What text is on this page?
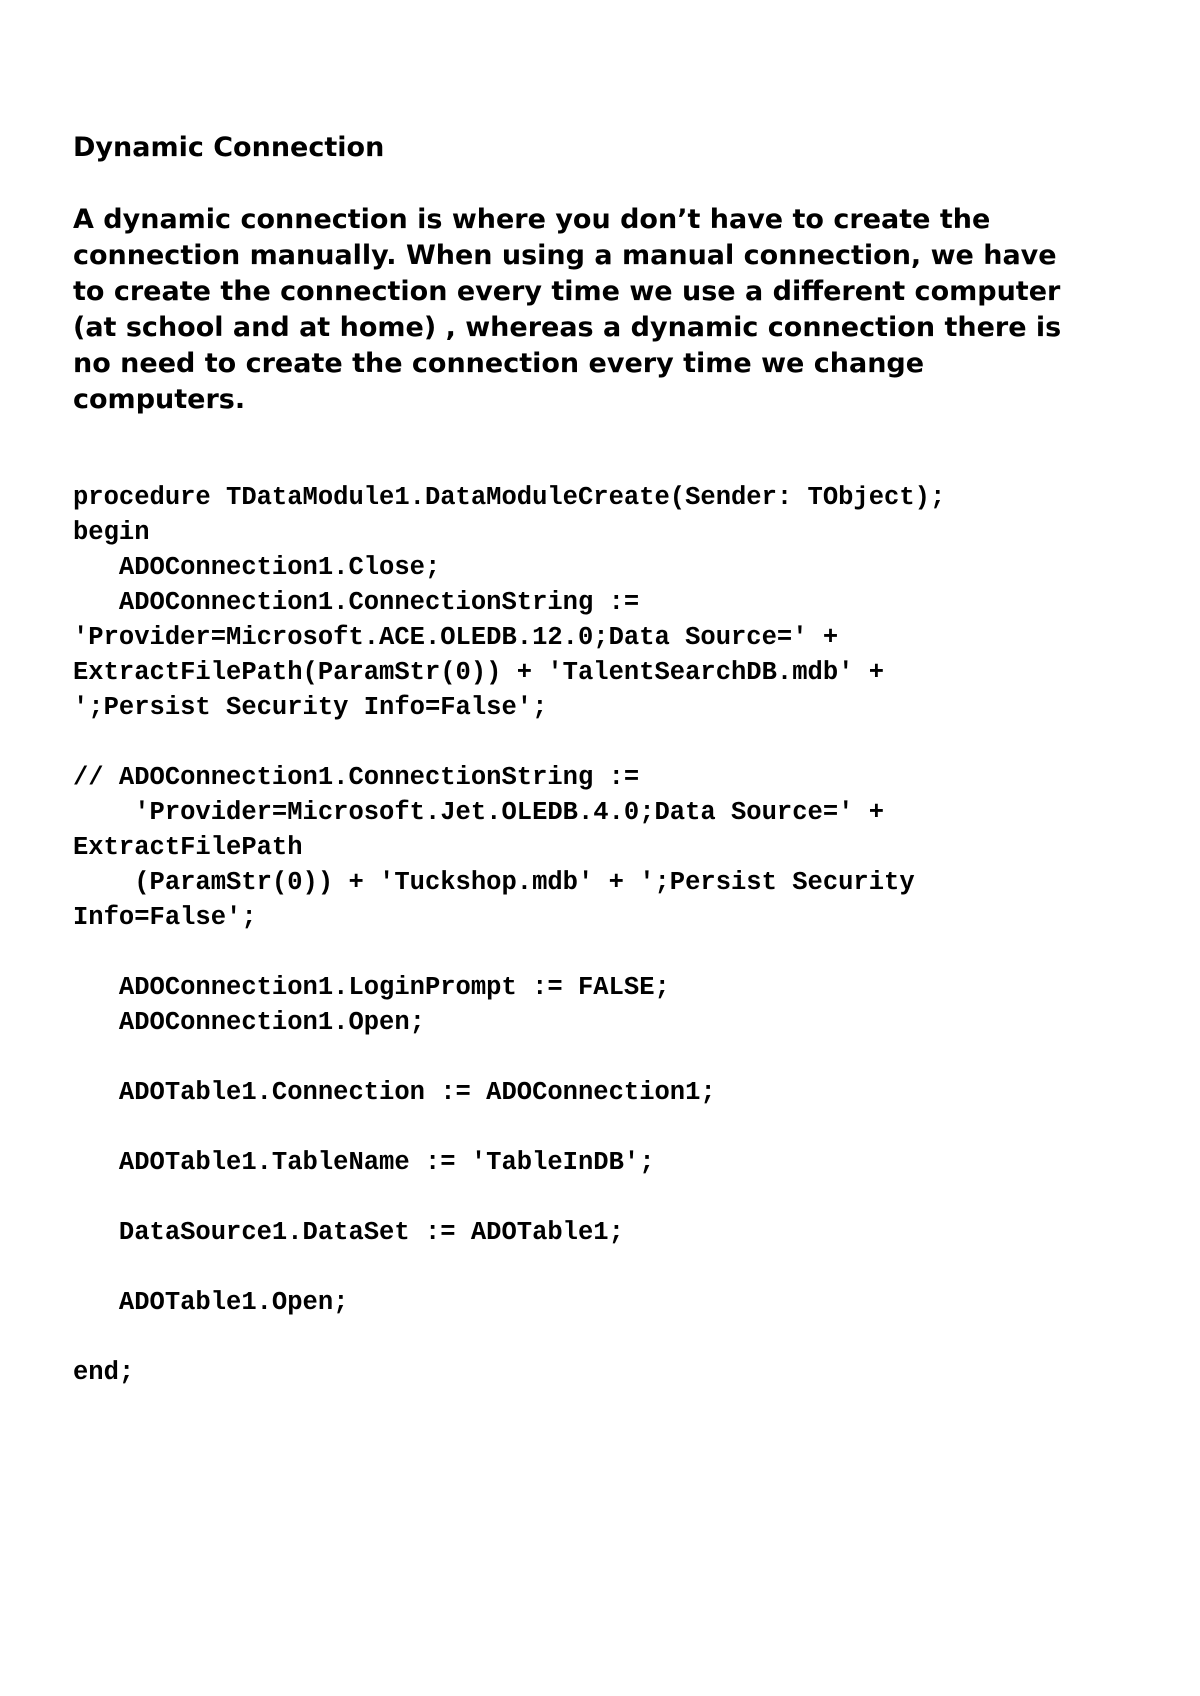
Dynamic Connection
A dynamic connection is where you don’t have to create the
connection manually. When using a manual connection, we have
to create the connection every time we use a different computer
(at school and at home) , whereas a dynamic connection there is
no need to create the connection every time we change
computers.
procedure TDataModule1.DataModuleCreate(Sender: TObject);
begin
ADOConnection1.Close;
ADOConnection1.ConnectionString :=
'Provider=Microsoft.ACE.OLEDB.12.0;Data Source=' +
ExtractFilePath(ParamStr(0)) + 'TalentSearchDB.mdb' +
';Persist Security Info=False';
// ADOConnection1.ConnectionString :=
'Provider=Microsoft.Jet.OLEDB.4.0;Data Source=' +
ExtractFilePath
(ParamStr(0)) + 'Tuckshop.mdb' + ';Persist Security
Info=False';
ADOConnection1.LoginPrompt := FALSE;
ADOConnection1.Open;
ADOTable1.Connection := ADOConnection1;
ADOTable1.TableName := 'TableInDB';
DataSource1.DataSet := ADOTable1;
ADOTable1.Open;
end;
